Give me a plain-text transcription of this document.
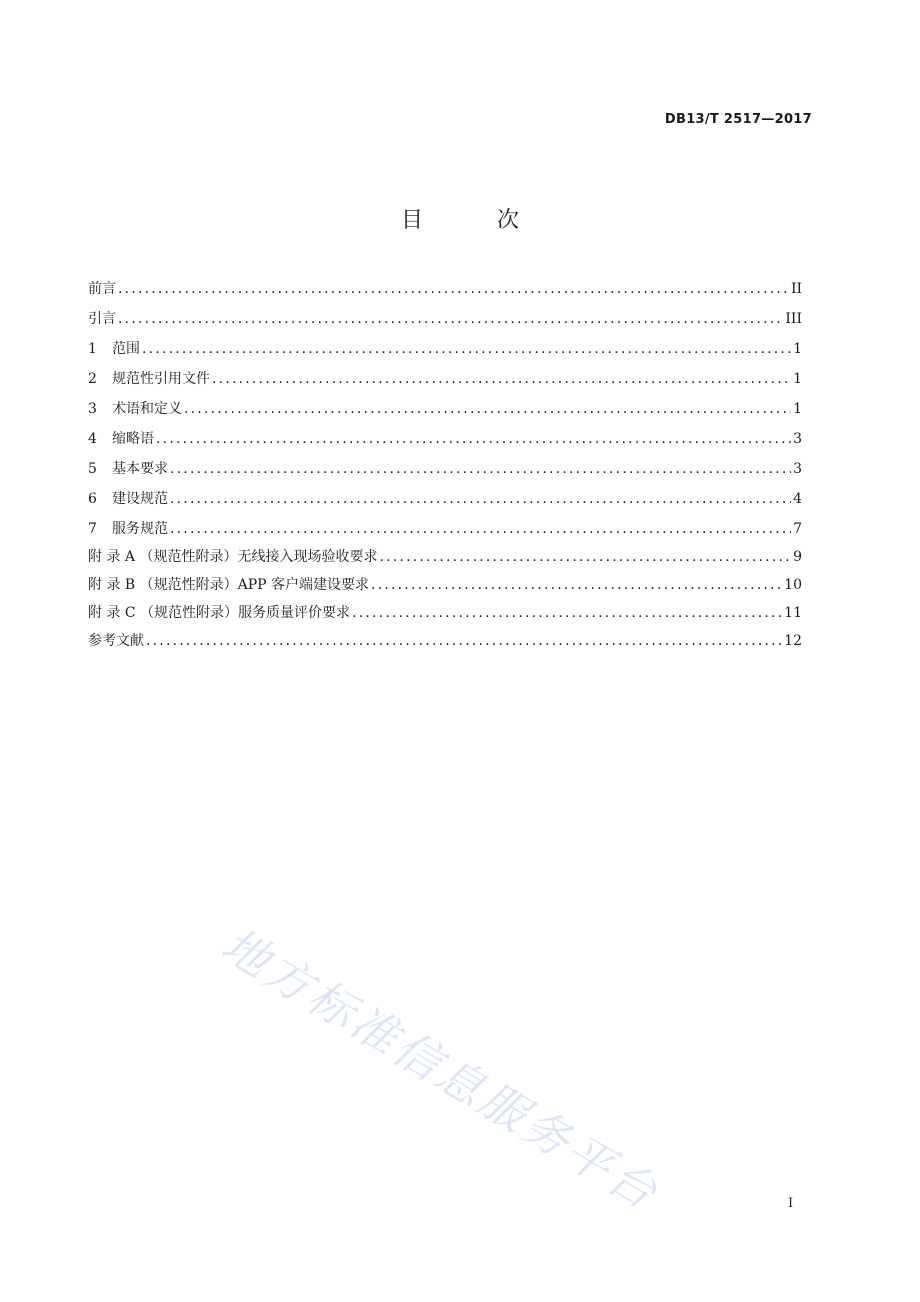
DB13/T 2517—2017
目　次
前言 .....	II
引言 .....	III
1	范围 .....	1
2	规范性引用文件 .....	1
3	术语和定义 .....	1
4	缩略语 .....	3
5	基本要求 .....	3
6	建设规范 .....	4
7	服务规范 .....	7
附 录 A （规范性附录） 无线接入现场验收要求 .....	9
附 录 B （规范性附录） APP 客户端建设要求 .....	10
附 录 C （规范性附录） 服务质量评价要求 .....	11
参考文献 .....	12
地方标准信息服务平台	I
